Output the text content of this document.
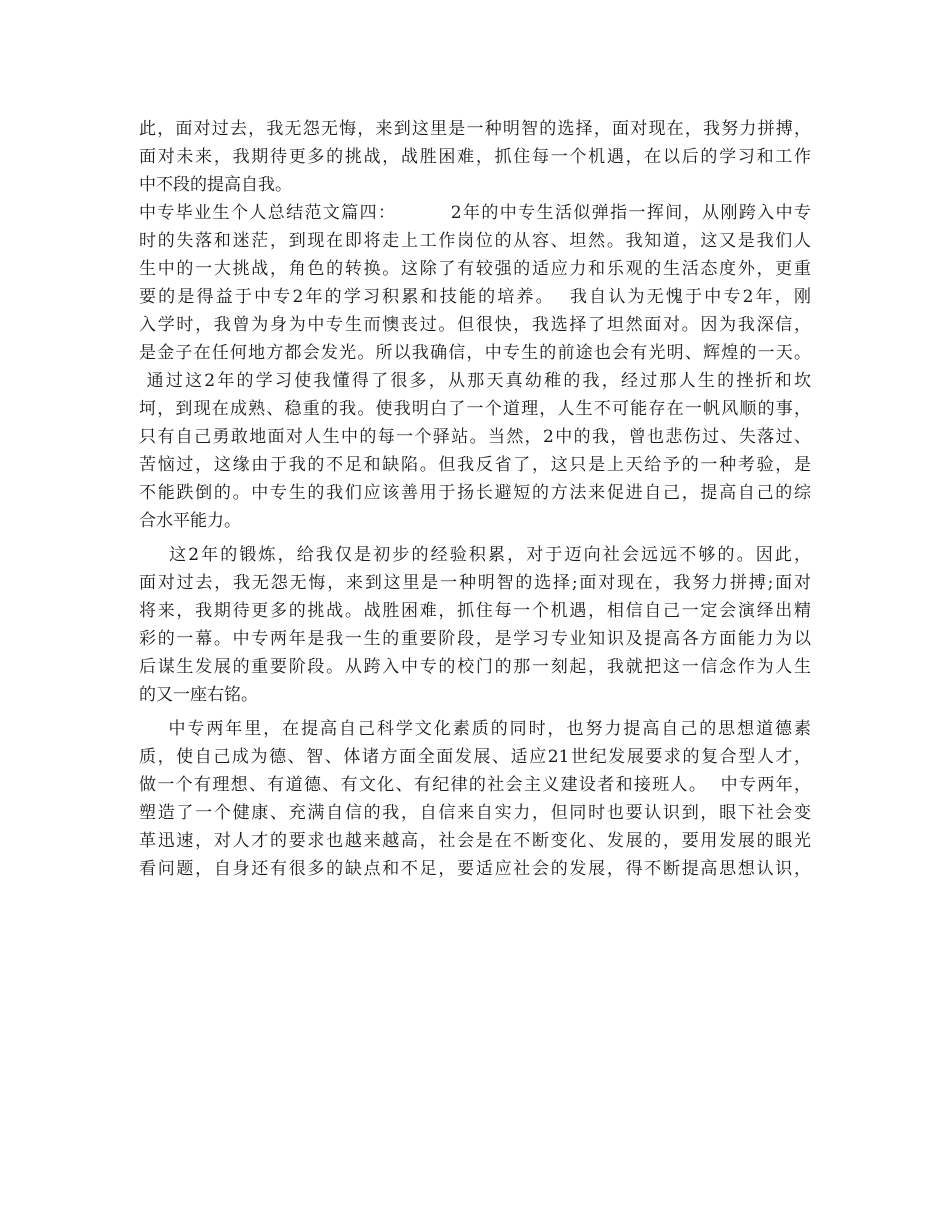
此，面对过去，我无怨无悔，来到这里是一种明智的选择，面对现在，我努力拼搏，
面对未来，我期待更多的挑战，战胜困难，抓住每一个机遇，在以后的学习和工作
中不段的提高自我。
中专毕业生个人总结范文篇四：        2年的中专生活似弹指一挥间，从刚跨入中专
时的失落和迷茫，到现在即将走上工作岗位的从容、坦然。我知道，这又是我们人
生中的一大挑战，角色的转换。这除了有较强的适应力和乐观的生活态度外，更重
要的是得益于中专2年的学习积累和技能的培养。  我自认为无愧于中专2年，刚
入学时，我曾为身为中专生而懊丧过。但很快，我选择了坦然面对。因为我深信，
是金子在任何地方都会发光。所以我确信，中专生的前途也会有光明、辉煌的一天。
通过这2年的学习使我懂得了很多，从那天真幼稚的我，经过那人生的挫折和坎
坷，到现在成熟、稳重的我。使我明白了一个道理，人生不可能存在一帆风顺的事，
只有自己勇敢地面对人生中的每一个驿站。当然，2中的我，曾也悲伤过、失落过、
苦恼过，这缘由于我的不足和缺陷。但我反省了，这只是上天给予的一种考验，是
不能跌倒的。中专生的我们应该善用于扬长避短的方法来促进自己，提高自己的综
合水平能力。
这2年的锻炼，给我仅是初步的经验积累，对于迈向社会远远不够的。因此，
面对过去，我无怨无悔，来到这里是一种明智的选择;面对现在，我努力拼搏;面对
将来，我期待更多的挑战。战胜困难，抓住每一个机遇，相信自己一定会演绎出精
彩的一幕。中专两年是我一生的重要阶段，是学习专业知识及提高各方面能力为以
后谋生发展的重要阶段。从跨入中专的校门的那一刻起，我就把这一信念作为人生
的又一座右铭。
中专两年里，在提高自己科学文化素质的同时，也努力提高自己的思想道德素
质，使自己成为德、智、体诸方面全面发展、适应21世纪发展要求的复合型人才，
做一个有理想、有道德、有文化、有纪律的社会主义建设者和接班人。  中专两年，
塑造了一个健康、充满自信的我，自信来自实力，但同时也要认识到，眼下社会变
革迅速，对人才的要求也越来越高，社会是在不断变化、发展的，要用发展的眼光
看问题，自身还有很多的缺点和不足，要适应社会的发展，得不断提高思想认识，
